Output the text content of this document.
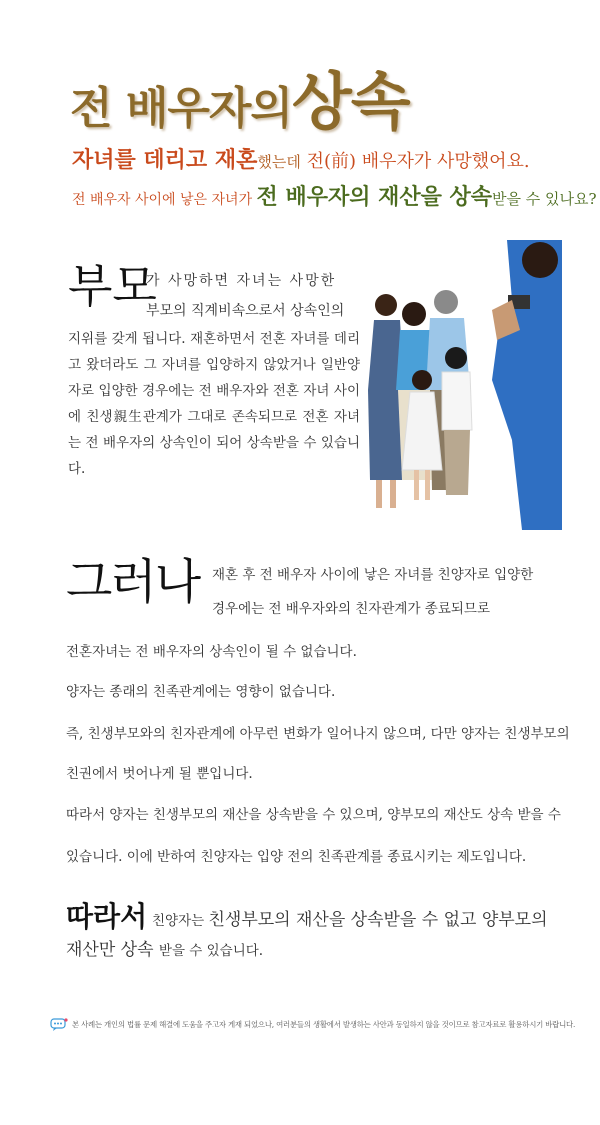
전 배우자의상속
자녀를 데리고 재혼했는데 전(前) 배우자가 사망했어요.
전 배우자 사이에 낳은 자녀가 전 배우자의 재산을 상속받을 수 있나요?
부모
가 사망하면 자녀는 사망한
부모의 직계비속으로서 상속인의
지위를 갖게 됩니다. 재혼하면서 전혼 자녀를 데리고 왔더라도 그 자녀를 입양하지 않았거나 일반양자로 입양한 경우에는 전 배우자와 전혼 자녀 사이에 친생親生관계가 그대로 존속되므로 전혼 자녀는 전 배우자의 상속인이 되어 상속받을 수 있습니다.
그러나 재혼 후 전 배우자 사이에 낳은 자녀를 친양자로 입양한
경우에는 전 배우자와의 친자관계가 종료되므로
전혼자녀는 전 배우자의 상속인이 될 수 없습니다.
양자는 종래의 친족관계에는 영향이 없습니다.
즉, 친생부모와의 친자관계에 아무런 변화가 일어나지 않으며, 다만 양자는 친생부모의
친권에서 벗어나게 될 뿐입니다.
따라서 양자는 친생부모의 재산을 상속받을 수 있으며, 양부모의 재산도 상속 받을 수
있습니다. 이에 반하여 친양자는 입양 전의 친족관계를 종료시키는 제도입니다.
따라서 친양자는 친생부모의 재산을 상속받을 수 없고 양부모의
재산만 상속 받을 수 있습니다.
본 사례는 개인의 법률 문제 해결에 도움을 주고자 게재 되었으나, 여러분들의 생활에서 발생하는 사안과 동일하지 않을 것이므로 참고자료로 활용하시기 바랍니다.
